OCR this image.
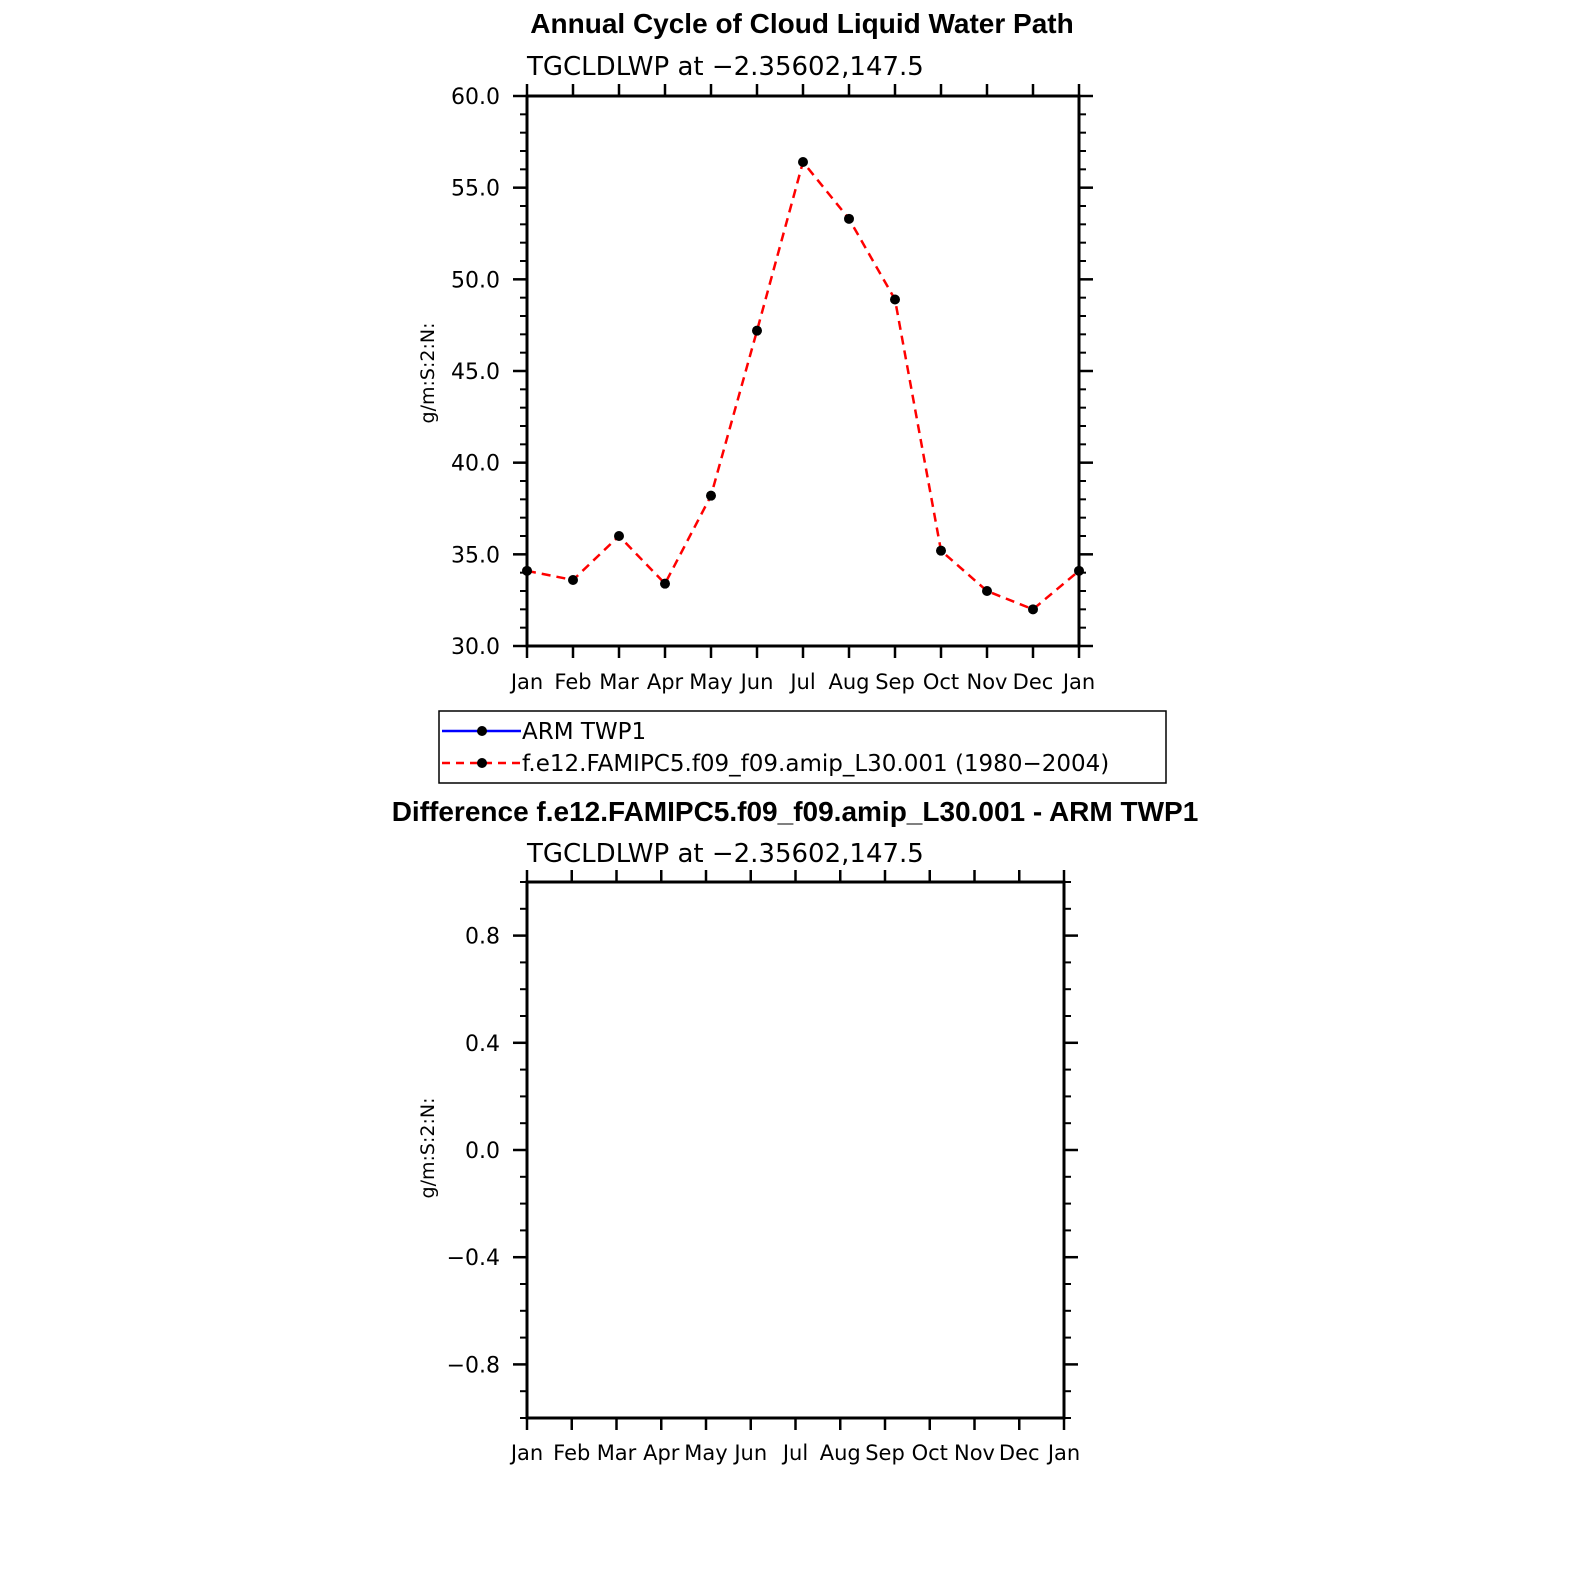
Annual Cycle of Cloud Liquid Water Path
TGCLDLWP at −2.35602,147.5
g/m:S:2:N:
30.0
35.0
40.0
45.0
50.0
55.0
60.0
Jan Feb Mar Apr May Jun Jul Aug Sep Oct Nov Dec Jan
ARM TWP1
f.e12.FAMIPC5.f09_f09.amip_L30.001 (1980−2004)
Difference f.e12.FAMIPC5.f09_f09.amip_L30.001 - ARM TWP1
TGCLDLWP at −2.35602,147.5
g/m:S:2:N:
−0.8
−0.4
0.0
0.4
0.8
Jan Feb Mar Apr May Jun Jul Aug Sep Oct Nov Dec Jan
